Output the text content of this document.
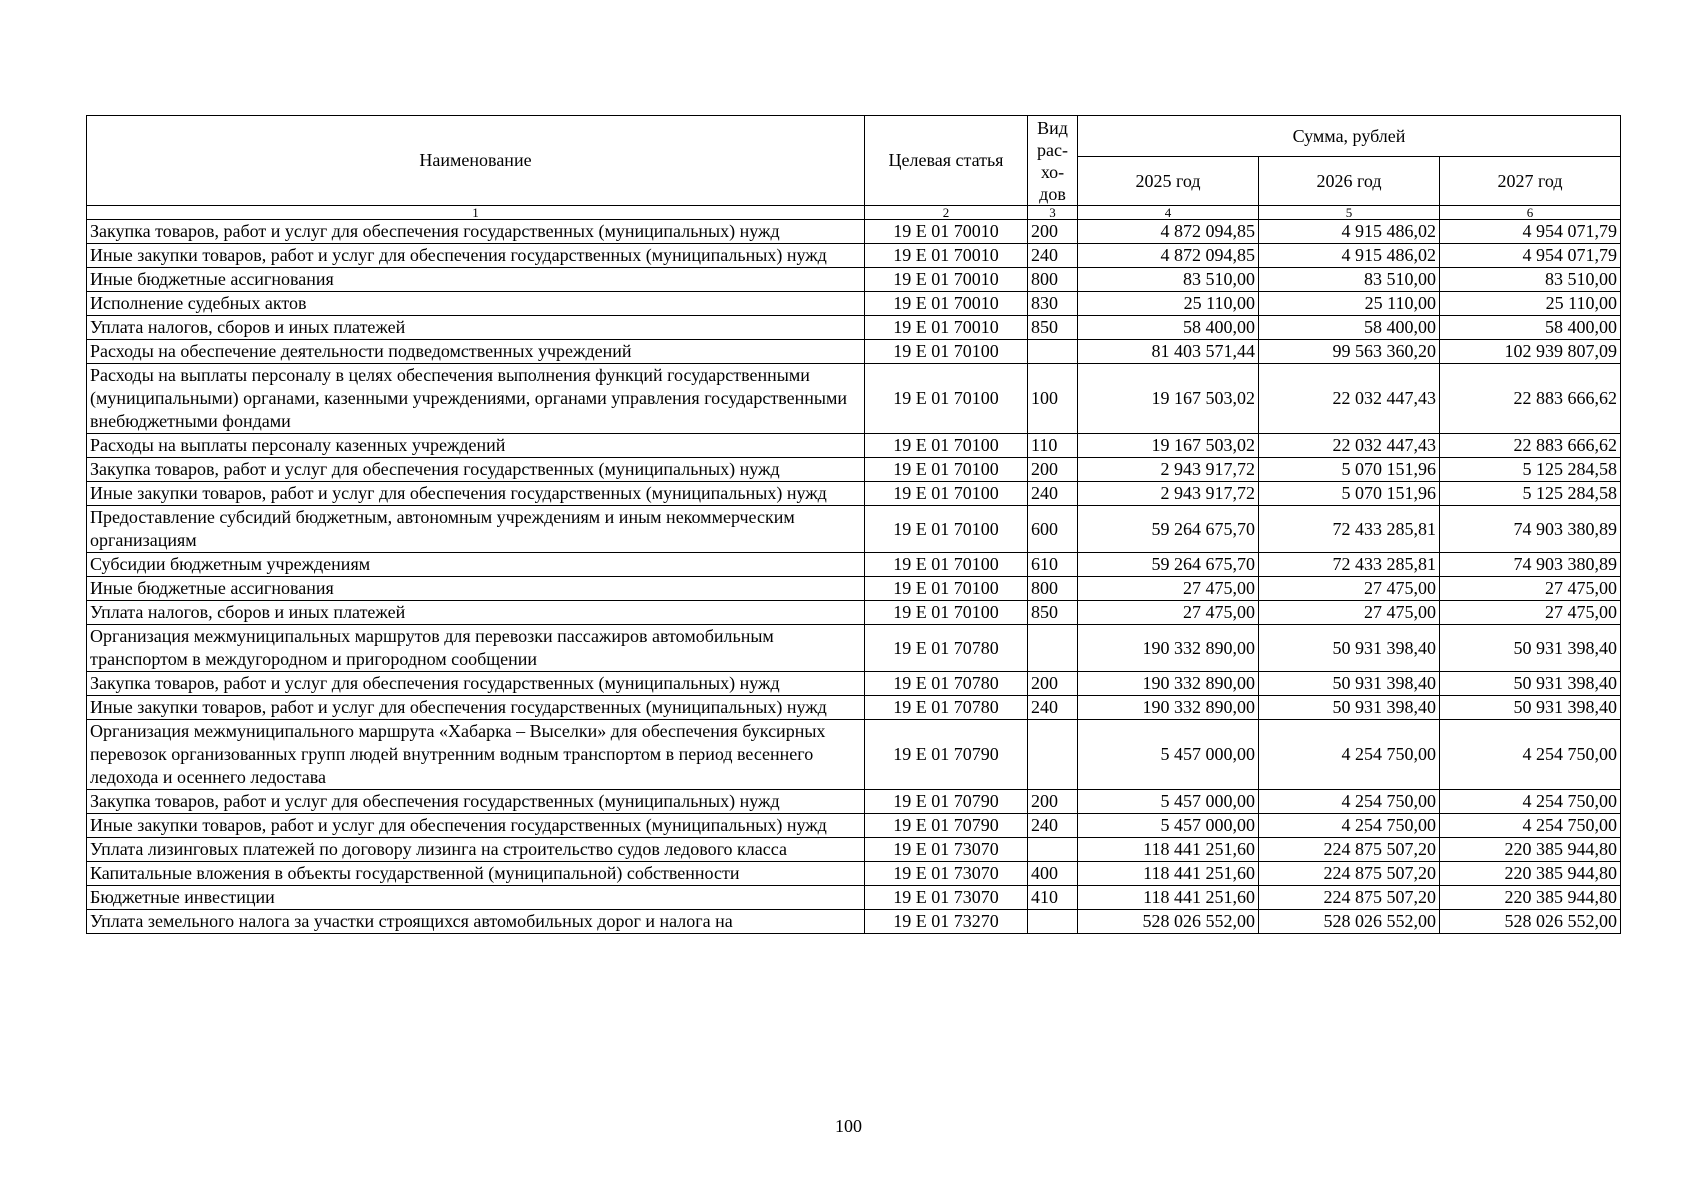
Наименование	Целевая статья	Вид
рас-
хо-
дов	Сумма, рублей		
			2025 год	2026 год	2027 год
1	2	3	4	5	6
Закупка товаров, работ и услуг для обеспечения государственных (муниципальных) нужд	19 Е 01 70010	200	4 872 094,85	4 915 486,02	4 954 071,79
Иные закупки товаров, работ и услуг для обеспечения государственных (муниципальных) нужд	19 Е 01 70010	240	4 872 094,85	4 915 486,02	4 954 071,79
Иные бюджетные ассигнования	19 Е 01 70010	800	83 510,00	83 510,00	83 510,00
Исполнение судебных актов	19 Е 01 70010	830	25 110,00	25 110,00	25 110,00
Уплата налогов, сборов и иных платежей	19 Е 01 70010	850	58 400,00	58 400,00	58 400,00
Расходы на обеспечение деятельности подведомственных учреждений	19 Е 01 70100		81 403 571,44	99 563 360,20	102 939 807,09
Расходы на выплаты персоналу в целях обеспечения выполнения функций государственными (муниципальными) органами, казенными учреждениями, органами управления государственными внебюджетными фондами	19 Е 01 70100	100	19 167 503,02	22 032 447,43	22 883 666,62
Расходы на выплаты персоналу казенных учреждений	19 Е 01 70100	110	19 167 503,02	22 032 447,43	22 883 666,62
Закупка товаров, работ и услуг для обеспечения государственных (муниципальных) нужд	19 Е 01 70100	200	2 943 917,72	5 070 151,96	5 125 284,58
Иные закупки товаров, работ и услуг для обеспечения государственных (муниципальных) нужд	19 Е 01 70100	240	2 943 917,72	5 070 151,96	5 125 284,58
Предоставление субсидий бюджетным, автономным учреждениям и иным некоммерческим организациям	19 Е 01 70100	600	59 264 675,70	72 433 285,81	74 903 380,89
Субсидии бюджетным учреждениям	19 Е 01 70100	610	59 264 675,70	72 433 285,81	74 903 380,89
Иные бюджетные ассигнования	19 Е 01 70100	800	27 475,00	27 475,00	27 475,00
Уплата налогов, сборов и иных платежей	19 Е 01 70100	850	27 475,00	27 475,00	27 475,00
Организация межмуниципальных маршрутов для перевозки пассажиров автомобильным транспортом в междугородном и пригородном сообщении	19 Е 01 70780		190 332 890,00	50 931 398,40	50 931 398,40
Закупка товаров, работ и услуг для обеспечения государственных (муниципальных) нужд	19 Е 01 70780	200	190 332 890,00	50 931 398,40	50 931 398,40
Иные закупки товаров, работ и услуг для обеспечения государственных (муниципальных) нужд	19 Е 01 70780	240	190 332 890,00	50 931 398,40	50 931 398,40
Организация межмуниципального маршрута «Хабарка – Выселки» для обеспечения буксирных перевозок организованных групп людей внутренним водным транспортом в период весеннего ледохода и осеннего ледостава	19 Е 01 70790		5 457 000,00	4 254 750,00	4 254 750,00
Закупка товаров, работ и услуг для обеспечения государственных (муниципальных) нужд	19 Е 01 70790	200	5 457 000,00	4 254 750,00	4 254 750,00
Иные закупки товаров, работ и услуг для обеспечения государственных (муниципальных) нужд	19 Е 01 70790	240	5 457 000,00	4 254 750,00	4 254 750,00
Уплата лизинговых платежей по договору лизинга на строительство судов ледового класса	19 Е 01 73070		118 441 251,60	224 875 507,20	220 385 944,80
Капитальные вложения в объекты государственной (муниципальной) собственности	19 Е 01 73070	400	118 441 251,60	224 875 507,20	220 385 944,80
Бюджетные инвестиции	19 Е 01 73070	410	118 441 251,60	224 875 507,20	220 385 944,80
Уплата земельного налога за участки строящихся автомобильных дорог и налога на	19 Е 01 73270		528 026 552,00	528 026 552,00	528 026 552,00
100
